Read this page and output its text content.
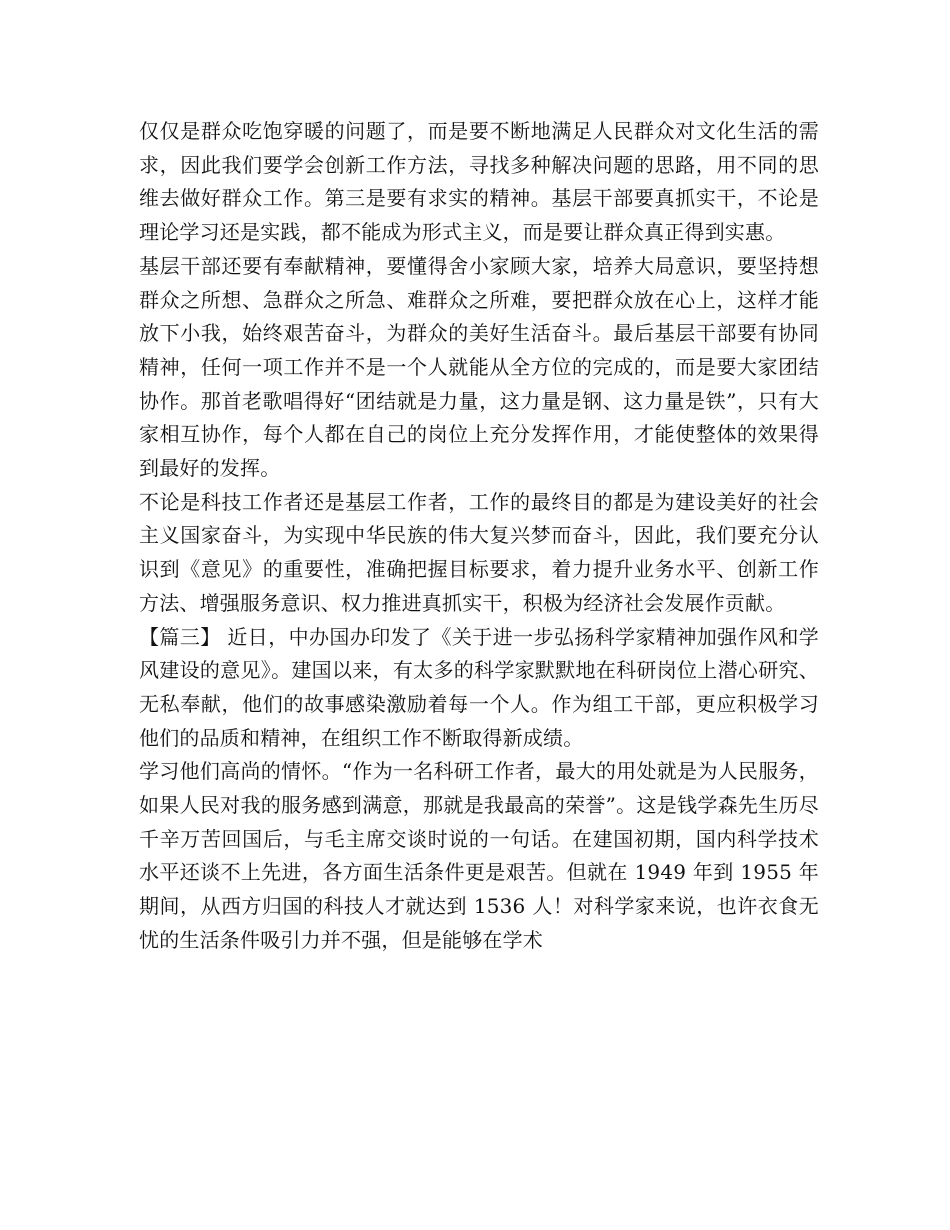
仅仅是群众吃饱穿暖的问题了，而是要不断地满足人民群众对文化生活的需求，因此我们要学会创新工作方法，寻找多种解决问题的思路，用不同的思维去做好群众工作。第三是要有求实的精神。基层干部要真抓实干，不论是理论学习还是实践，都不能成为形式主义，而是要让群众真正得到实惠。

基层干部还要有奉献精神，要懂得舍小家顾大家，培养大局意识，要坚持想群众之所想、急群众之所急、难群众之所难，要把群众放在心上，这样才能放下小我，始终艰苦奋斗，为群众的美好生活奋斗。最后基层干部要有协同精神，任何一项工作并不是一个人就能从全方位的完成的，而是要大家团结协作。那首老歌唱得好“团结就是力量，这力量是钢、这力量是铁”，只有大家相互协作，每个人都在自己的岗位上充分发挥作用，才能使整体的效果得到最好的发挥。

不论是科技工作者还是基层工作者，工作的最终目的都是为建设美好的社会主义国家奋斗，为实现中华民族的伟大复兴梦而奋斗，因此，我们要充分认识到《意见》的重要性，准确把握目标要求，着力提升业务水平、创新工作方法、增强服务意识、权力推进真抓实干，积极为经济社会发展作贡献。

【篇三】 近日，中办国办印发了《关于进一步弘扬科学家精神加强作风和学风建设的意见》。建国以来，有太多的科学家默默地在科研岗位上潜心研究、无私奉献，他们的故事感染激励着每一个人。作为组工干部，更应积极学习他们的品质和精神，在组织工作不断取得新成绩。

学习他们高尚的情怀。“作为一名科研工作者，最大的用处就是为人民服务，如果人民对我的服务感到满意，那就是我最高的荣誉”。这是钱学森先生历尽千辛万苦回国后，与毛主席交谈时说的一句话。在建国初期，国内科学技术水平还谈不上先进，各方面生活条件更是艰苦。但就在 1949 年到 1955 年期间，从西方归国的科技人才就达到 1536 人！对科学家来说，也许衣食无忧的生活条件吸引力并不强，但是能够在学术
